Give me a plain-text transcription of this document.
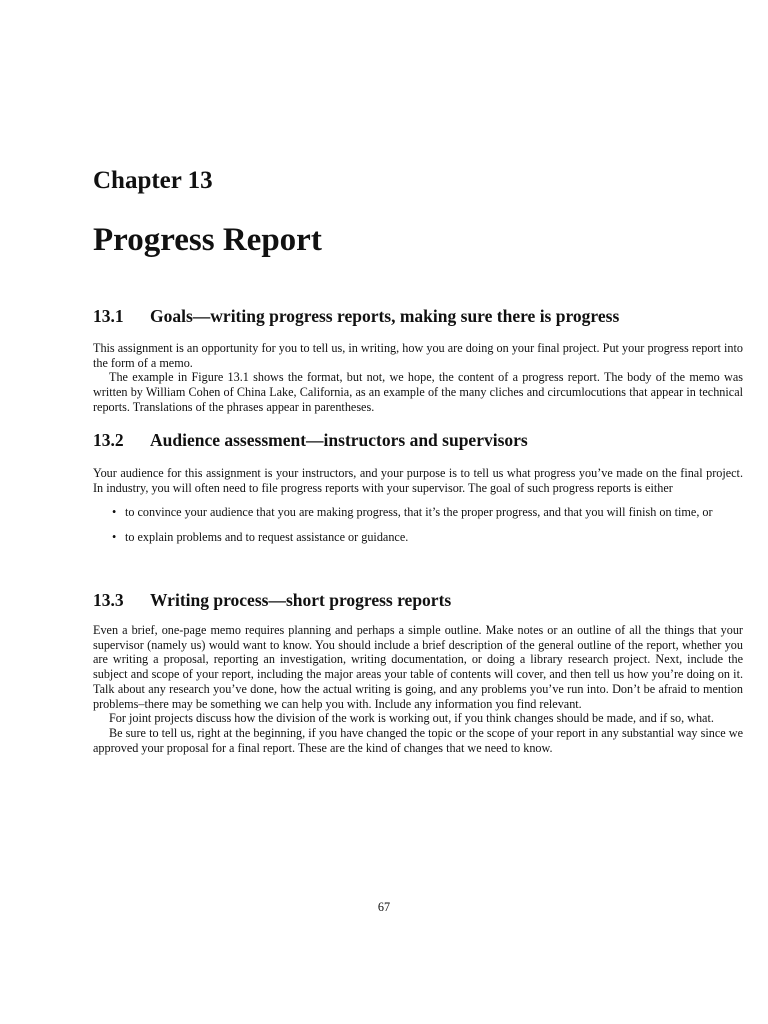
Chapter 13
Progress Report
13.1 Goals—writing progress reports, making sure there is progress

This assignment is an opportunity for you to tell us, in writing, how you are doing on your final project. Put your progress report into the form of a memo.

The example in Figure 13.1 shows the format, but not, we hope, the content of a progress report. The body of the memo was written by William Cohen of China Lake, California, as an example of the many cliches and circumlocutions that appear in technical reports. Translations of the phrases appear in parentheses.

13.2 Audience assessment—instructors and supervisors

Your audience for this assignment is your instructors, and your purpose is to tell us what progress you’ve made on the final project. In industry, you will often need to file progress reports with your supervisor. The goal of such progress reports is either

• to convince your audience that you are making progress, that it’s the proper progress, and that you will finish on time, or
• to explain problems and to request assistance or guidance.
13.3 Writing process—short progress reports

Even a brief, one-page memo requires planning and perhaps a simple outline. Make notes or an outline of all the things that your supervisor (namely us) would want to know. You should include a brief description of the general outline of the report, whether you are writing a proposal, reporting an investigation, writing documentation, or doing a library research project. Next, include the subject and scope of your report, including the major areas your table of contents will cover, and then tell us how you’re doing on it. Talk about any research you’ve done, how the actual writing is going, and any problems you’ve run into. Don’t be afraid to mention problems–there may be something we can help you with. Include any information you find relevant.

For joint projects discuss how the division of the work is working out, if you think changes should be made, and if so, what.

Be sure to tell us, right at the beginning, if you have changed the topic or the scope of your report in any substantial way since we approved your proposal for a final report. These are the kind of changes that we need to know.

67
